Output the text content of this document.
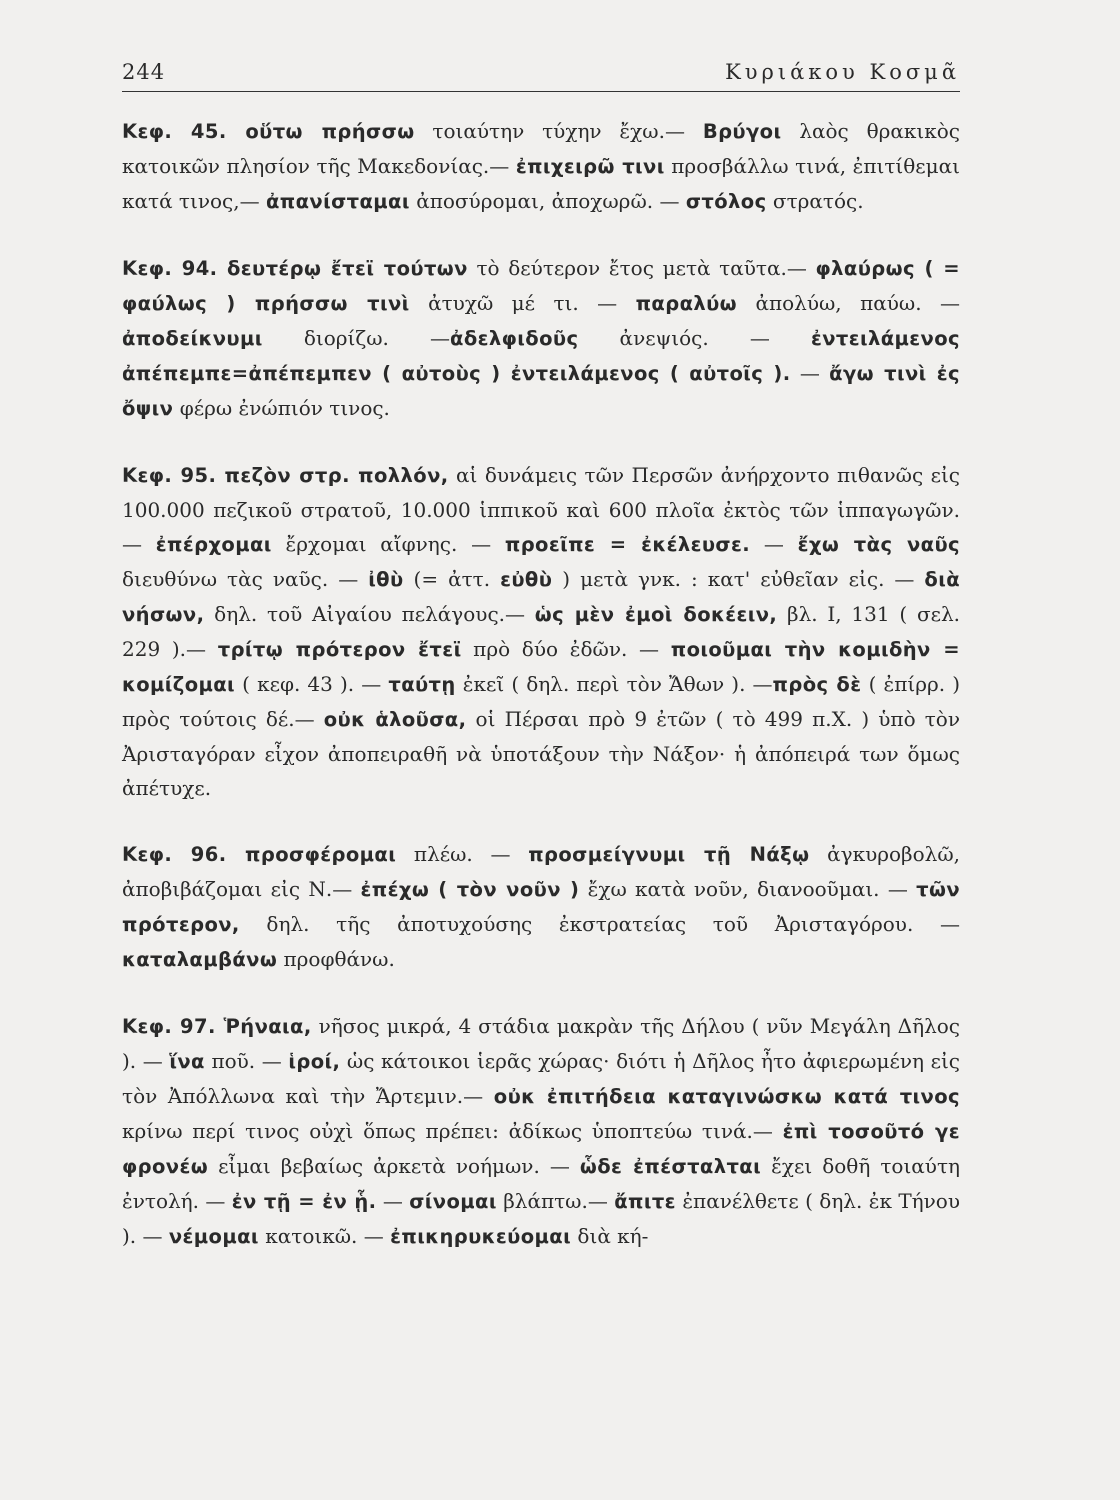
244	Κυριάκου Κοσμᾶ

Κεφ. 45. οὕτω πρήσσω τοιαύτην τύχην ἔχω.— Βρύγοι λαὸς θρακικὸς κατοικῶν πλησίον τῆς Μακεδονίας.— ἐπιχειρῶ τινι προσβάλλω τινά, ἐπιτίθεμαι κατά τινος,— ἀπανίσταμαι ἀποσύρομαι, ἀποχωρῶ. — στόλος στρατός.

Κεφ. 94. δευτέρῳ ἔτεϊ τούτων τὸ δεύτερον ἔτος μετὰ ταῦτα.— φλαύρως ( = φαύλως ) πρήσσω τινὶ ἀτυχῶ μέ τι. — παραλύω ἀπολύω, παύω. — ἀποδείκνυμι διορίζω. —ἀδελφιδοῦς ἀνεψιός. — ἐντειλάμενος ἀπέπεμπε=ἀπέπεμπεν ( αὐτοὺς ) ἐντειλάμενος ( αὐτοῖς ). — ἄγω τινὶ ἐς ὄψιν φέρω ἐνώπιόν τινος.

Κεφ. 95. πεζὸν στρ. πολλόν, αἱ δυνάμεις τῶν Περσῶν ἀνήρχοντο πιθανῶς εἰς 100.000 πεζικοῦ στρατοῦ, 10.000 ἱππικοῦ καὶ 600 πλοῖα ἐκτὸς τῶν ἱππαγωγῶν. — ἐπέρχομαι ἔρχομαι αἴφνης. — προεῖπε = ἐκέλευσε. — ἔχω τὰς ναῦς διευθύνω τὰς ναῦς. — ἰθὺ (= ἀττ. εὐθὺ ) μετὰ γνκ. : κατ' εὐθεῖαν εἰς. — διὰ νήσων, δηλ. τοῦ Αἰγαίου πελάγους.— ὡς μὲν ἐμοὶ δοκέειν, βλ. I, 131 ( σελ. 229 ).— τρίτῳ πρότερον ἔτεϊ πρὸ δύο ἐδῶν. — ποιοῦμαι τὴν κομιδὴν = κομίζομαι ( κεφ. 43 ). — ταύτῃ ἐκεῖ ( δηλ. περὶ τὸν Ἄθων ). —πρὸς δὲ ( ἐπίρρ. ) πρὸς τούτοις δέ.— οὐκ ἁλοῦσα, οἱ Πέρσαι πρὸ 9 ἐτῶν ( τὸ 499 π.Χ. ) ὑπὸ τὸν Ἀρισταγόραν εἶχον ἀποπειραθῆ νὰ ὑποτάξουν τὴν Νάξον· ἡ ἀπόπειρά των ὅμως ἀπέτυχε.

Κεφ. 96. προσφέρομαι πλέω. — προσμείγνυμι τῇ Νάξῳ ἀγκυροβολῶ, ἀποβιβάζομαι εἰς Ν.— ἐπέχω ( τὸν νοῦν ) ἔχω κατὰ νοῦν, διανοοῦμαι. — τῶν πρότερον, δηλ. τῆς ἀποτυχούσης ἐκστρατείας τοῦ Ἀρισταγόρου. — καταλαμβάνω προφθάνω.

Κεφ. 97. Ῥήναια, νῆσος μικρά, 4 στάδια μακρὰν τῆς Δήλου ( νῦν Μεγάλη Δῆλος ). — ἵνα ποῦ. — ἱροί, ὡς κάτοικοι ἱερᾶς χώρας· διότι ἡ Δῆλος ἦτο ἀφιερωμένη εἰς τὸν Ἀπόλλωνα καὶ τὴν Ἄρτεμιν.— οὐκ ἐπιτήδεια καταγινώσκω κατά τινος κρίνω περί τινος οὐχὶ ὅπως πρέπει: ἀδίκως ὑποπτεύω τινά.— ἐπὶ τοσοῦτό γε φρονέω εἶμαι βεβαίως ἀρκετὰ νοήμων. — ὧδε ἐπέσταλται ἔχει δοθῆ τοιαύτη ἐντολή. — ἐν τῇ = ἐν ᾗ. — σίνομαι βλάπτω.— ἄπιτε ἐπανέλθετε ( δηλ. ἐκ Τήνου ). — νέμομαι κατοικῶ. — ἐπικηρυκεύομαι διὰ κή-
